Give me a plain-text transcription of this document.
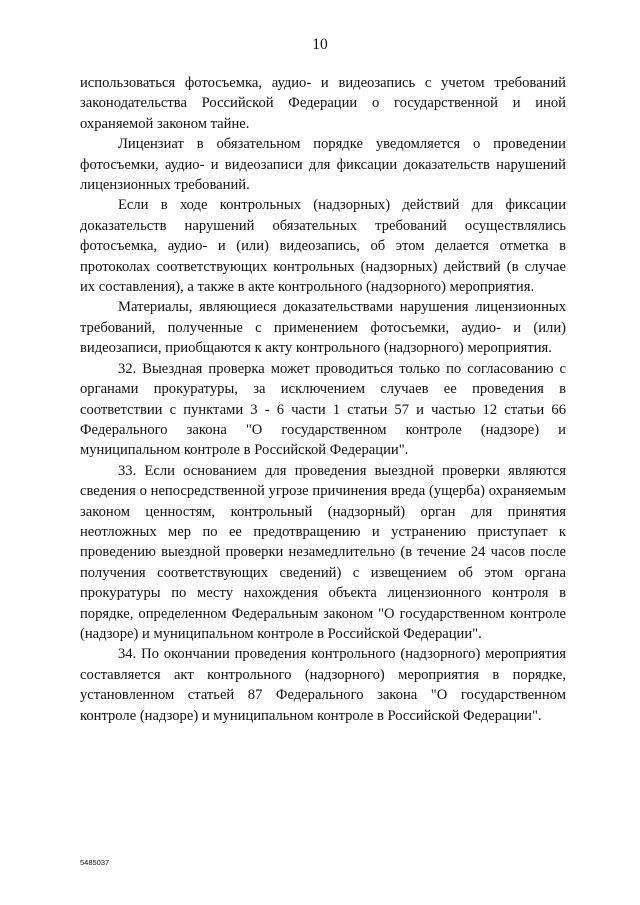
10

использоваться фотосъемка, аудио- и видеозапись с учетом требований законодательства Российской Федерации о государственной и иной охраняемой законом тайне.

Лицензиат в обязательном порядке уведомляется о проведении фотосъемки, аудио- и видеозаписи для фиксации доказательств нарушений лицензионных требований.

Если в ходе контрольных (надзорных) действий для фиксации доказательств нарушений обязательных требований осуществлялись фотосъемка, аудио- и (или) видеозапись, об этом делается отметка в протоколах соответствующих контрольных (надзорных) действий (в случае их составления), а также в акте контрольного (надзорного) мероприятия.

Материалы, являющиеся доказательствами нарушения лицензионных требований, полученные с применением фотосъемки, аудио- и (или) видеозаписи, приобщаются к акту контрольного (надзорного) мероприятия.

32. Выездная проверка может проводиться только по согласованию с органами прокуратуры, за исключением случаев ее проведения в соответствии с пунктами 3 - 6 части 1 статьи 57 и частью 12 статьи 66 Федерального закона "О государственном контроле (надзоре) и муниципальном контроле в Российской Федерации".

33. Если основанием для проведения выездной проверки являются сведения о непосредственной угрозе причинения вреда (ущерба) охраняемым законом ценностям, контрольный (надзорный) орган для принятия неотложных мер по ее предотвращению и устранению приступает к проведению выездной проверки незамедлительно (в течение 24 часов после получения соответствующих сведений) с извещением об этом органа прокуратуры по месту нахождения объекта лицензионного контроля в порядке, определенном Федеральным законом "О государственном контроле (надзоре) и муниципальном контроле в Российской Федерации".

34. По окончании проведения контрольного (надзорного) мероприятия составляется акт контрольного (надзорного) мероприятия в порядке, установленном статьей 87 Федерального закона "О государственном контроле (надзоре) и муниципальном контроле в Российской Федерации".

5485037
